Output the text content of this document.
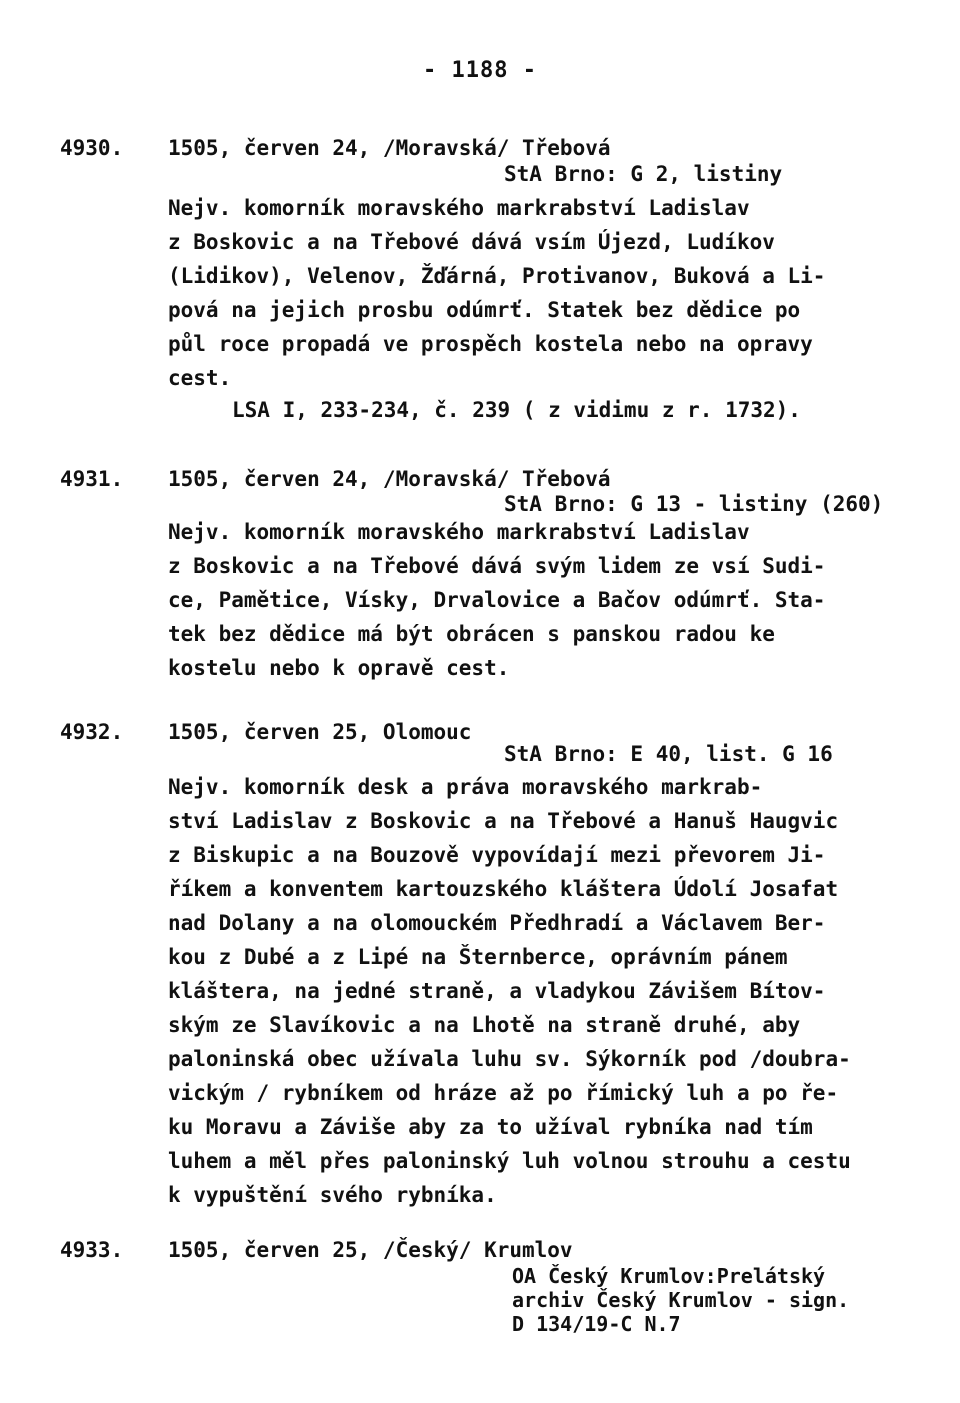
- 1188 -
4930. 1505, červen 24, /Moravská/ Třebová
StA Brno: G 2, listiny
Nejv. komorník moravského markrabství Ladislav
z Boskovic a na Třebové dává vsím Újezd, Ludíkov
(Lidikov), Velenov, Žďárná, Protivanov, Buková a Li-
pová na jejich prosbu odúmrť. Statek bez dědice po
půl roce propadá ve prospěch kostela nebo na opravy
cest.
LSA I, 233-234, č. 239 ( z vidimu z r. 1732).
4931. 1505, červen 24, /Moravská/ Třebová
StA Brno: G 13 - listiny (260)
Nejv. komorník moravského markrabství Ladislav
z Boskovic a na Třebové dává svým lidem ze vsí Sudi-
ce, Pamětice, Vísky, Drvalovice a Bačov odúmrť. Sta-
tek bez dědice má být obrácen s panskou radou ke
kostelu nebo k opravě cest.
4932. 1505, červen 25, Olomouc
StA Brno: E 40, list. G 16
Nejv. komorník desk a práva moravského markrab-
ství Ladislav z Boskovic a na Třebové a Hanuš Haugvic
z Biskupic a na Bouzově vypovídají mezi převorem Ji-
říkem a konventem kartouzského kláštera Údolí Josafat
nad Dolany a na olomouckém Předhradí a Václavem Ber-
kou z Dubé a z Lipé na Šternberce, oprávním pánem
kláštera, na jedné straně, a vladykou Závišem Bítov-
ským ze Slavíkovic a na Lhotě na straně druhé, aby
paloninská obec užívala luhu sv. Sýkorník pod /doubra-
vickým / rybníkem od hráze až po římický luh a po ře-
ku Moravu a Záviše aby za to užíval rybníka nad tím
luhem a měl přes paloninský luh volnou strouhu a cestu
k vypuštění svého rybníka.
4933. 1505, červen 25, /Český/ Krumlov
OA Český Krumlov:Prelátský
archiv Český Krumlov - sign.
D 134/19-C N.7
